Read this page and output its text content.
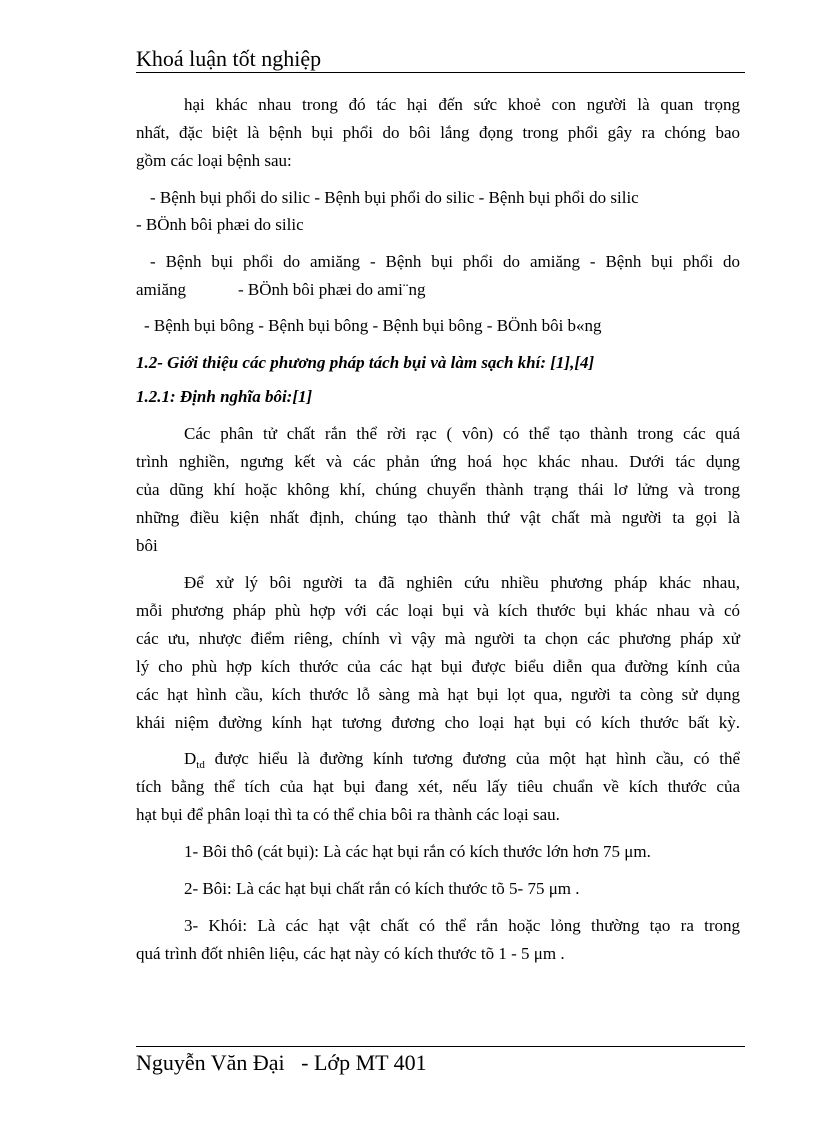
Khoá luận tốt nghiệp
hại khác nhau trong đó tác hại đến sức khoẻ con người là quan trọng
nhất, đặc biệt là bệnh bụi phổi do bôi lắng đọng trong phổi gây ra chóng bao
gồm các loại bệnh sau:
- Bệnh bụi phổi do silic - Bệnh bụi phổi do silic - Bệnh bụi phổi do silic
- BÖnh bôi phæi do silic
- Bệnh bụi phổi do amiăng - Bệnh bụi phổi do amiăng - Bệnh bụi phổi do
amiăng	- BÖnh bôi phæi do ami¨ng
- Bệnh bụi bông - Bệnh bụi bông - Bệnh bụi bông - BÖnh bôi b«ng
1.2- Giới thiệu các phương pháp tách bụi và làm sạch khí: [1],[4]
1.2.1: Định nghĩa bôi:[1]
Các phân tử chất rắn thể rời rạc ( vôn) có thể tạo thành trong các quá
trình nghiền, ngưng kết và các phản ứng hoá học khác nhau. Dưới tác dụng
của dũng khí hoặc không khí, chúng chuyển thành trạng thái lơ lửng và trong
những điều kiện nhất định, chúng tạo thành thứ vật chất mà người ta gọi là
bôi
Để xử lý bôi người ta đã nghiên cứu nhiều phương pháp khác nhau,
mỗi phương pháp phù hợp với các loại bụi và kích thước bụi khác nhau và có
các ưu, nhược điểm riêng, chính vì vậy mà người ta chọn các phương pháp xử
lý cho phù hợp kích thước của các hạt bụi được biểu diễn qua đường kính của
các hạt hình cầu, kích thước lỗ sàng mà hạt bụi lọt qua, người ta còng sử dụng
khái niệm đường kính hạt tương đương cho loại hạt bụi có kích thước bất kỳ.
$D_{td}$ được hiểu là đường kính tương đương của một hạt hình cầu, có thể
tích bằng thể tích của hạt bụi đang xét, nếu lấy tiêu chuẩn về kích thước của
hạt bụi để phân loại thì ta có thể chia bôi ra thành các loại sau.
1- Bôi thô (cát bụi): Là các hạt bụi rắn có kích thước lớn hơn 75 μm.
2- Bôi: Là các hạt bụi chất rắn có kích thước tõ 5- 75 μm .
3- Khói: Là các hạt vật chất có thể rắn hoặc lỏng thường tạo ra trong
quá trình đốt nhiên liệu, các hạt này có kích thước tõ 1 - 5 μm .
Nguyễn Văn Đại   - Lớp MT 401
